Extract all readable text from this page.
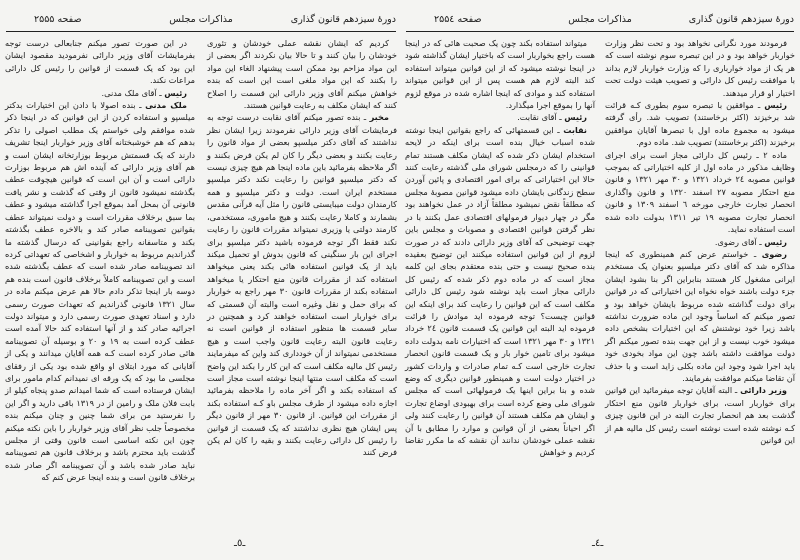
دورهٔ سیزدهم قانون گذاری
مذاکرات مجلس
صفحه ۲۵۵٤

فرمودند مورد نگرانی نخواهد بود و تحت نظر وزارت خواربار خواهد بود و در این تبصره سوم نوشته است که هر یک از مواد خواربارى را كه وزارت خواربار لازم بداند با موافقت رئیس کل دارائی و تصویب هیئت دولت تحت اختیار او قرار میدهند.

رئیس ـ موافقین با تبصره سوم بطوری کـه قرائت شد برخیزند (اکثر برخاستند) تصویب شد. رأی گرفته میشود به مجموع ماده اول با تبصرها آقایان موافقین برخیزند (اکثر برخاستند) تصویب شد. ماده دوم.

ماده ۲ ـ رئیس کل دارائی مجاز است برای اجرای وظایف مذکور در ماده اول از کلیه اختیاراتی که بموجب قوانین مصوبه ۲٤ خرداد ۱۳۲۱ و ۳۰ مهر ۱۳۲۱ و قانون منع احتکار مصوبه ۲۷ اسفند ۱۳۲۰ و قانون واگذاری انحصار تجارت خارجی مورخه ٦ اسفند ۱۳۰۹ و قانون انحصار تجارت مصوبه ۱۹ تیر ۱۳۱۱ بدولت داده شده است استفاده نماید.

رئیس ـ آقای رضوی.

رضوی ـ خواستم عرض کنم همینطوری که اینجا مذاکره شد که آقای دکتر میلسپو بعنوان یک مستخدم ایرانی مشغول کار هستند بنابراین اگر بنا بشود ایشان جزء دولت باشند خواه نخواه این اختیاراتی که در قوانین برای دولت گذاشته شده مربوط بایشان خواهد بود و تصور میکنم که اساساً وجود این ماده ضرورت نداشته باشد زیرا خود نوشتنش که این اختیارات بشخص داده میشود خوب نیست و از این جهت بنده تصور میکنم اگر دولت موافقت داشته باشد چون این مواد بخودی خود باید اجرا شود وجود این ماده بکلی زاید است و با حذف آن تقاضا میکنم موافقت بفرمایند.

وزیر دارائی ـ البته آقایان توجه میفرمائید این قوانین برای خواربار است، برای خواربار قانون منع احتکار گذشت بعد هم انحصار تجارت البته در این قانون چیزی کـه نوشته شده است نوشته است رئیس کل مالیه هم از این قوانین

میتواند استفاده بکند چون یک صحبت هائی که در اینجا هست راجع بخواربار است که باختیار ایشان گذاشته شود در اینجا نوشته میشود که از این قوانین میتواند استفاده کند البته لازم هم هست پس از این قوانین میتواند استفاده کند و موادی که اینجا اشاره شده در موقع لزوم آنها را بموقع اجرا میگذارد.

رئیس ـ آقای نقابت.

نقابت ـ این قسمتهائی که راجع بقوانین اینجا نوشته شده اسباب خیال بنده است برای اینکه در لایحه استخدام ایشان ذکر شده که ایشان مکلف هستند تمام قوانینی را که درمجلس شورای ملی گذشته رعایت کنند حالا این اختیاراتی که برای امور اقتصادی و پائین آوردن سطح زندگانی بایشان داده میشود قوانین مصوبهٔ مجلس که مطلقاً نقض نمیشود مطلقاً آزاد در عمل نخواهند بود مگر در چهار دیوار فرمولهای اقتصادی عمل بکنند با در نظر گرفتن قوانین اقتصادی و مصوبات و مجلس باین جهت توضیحی که آقای وزیر دارائی دادند که در صورت لزوم از این قوانین استفاده میکنند این توضیح بعقیده بنده صحیح نیست و حتی بنده معتقدم بجای این کلمه مجاز است که در ماده دوم ذکر شده که رئیس کل دارائی مجاز است باید نوشته شود رئیس کل دارائی مکلف است که این قوانین را رعایت کند برای اینکه این قوانین چیست؟ توجه فرموده اید موادش را قرائت فرموده اید البته این قوانین یک قسمت قانون ۲٤ خرداد ۱۳۲۱ و ۳۰ مهر ۱۳۲۱ است که اختیارات نامه بدولت داده میشود برای تامین خوار بار و یک قسمت قانون انحصار تجارت خارجی است کـه تمام صادرات و واردات کشور در اختیار دولت است و همینطور قوانین دیگری که وضع شده و بنا براین اینها یک فرمولهائی است که مجلس شورای ملی وضع کرده است برای بهبودی اوضاع تجارت و ایشان هم مکلف هستند آن قوانین را رعایت کنند ولی اگر احیاناً بعضی از آن قوانین و موارد را مطابق با آن نقشه عملی خودشان ندانند آن نقشه که ما مکرر تقاضا کردیم و خواهش

ـ٤ـ
دورهٔ سیزدهم قانون گذاری
مذاکرات مجلس
صفحه ۲۵۵۵

کردیم که ایشان نقشه عملی خودشان و تئوری خودشان را بیان کنند و تا حالا بیان نکردند اگر بعضی از این مواد مزاحم بود ممکن است پیشنهاد الغاء این مواد را بکنند که این مواد ملغی است این است که بنده خواهش میکنم آقای وزیر دارائی این قسمت را اصلاح کنند که ایشان مکلف به رعایت قوانین هستند.

مخبر ـ بنده تصور میکنم آقای نقابت درست توجه به فرمایشات آقای وزیر دارائی نفرمودند زیرا ایشان نظر نداشتند که آقای دکتر میلسپو بعضی از مواد قانون را رعایت بکنند و بعضی دیگر را کان لم یکن فرض بکنند و اگر ملاحظه بفرمائید باین ماده اینجا هم هیچ چیزی نیست که دکتر میلسپو قوانین را رعایت نکند دکتر میلسپو مستخدم ایران است. دولت و دکتر میلسپو و همه کارمندان دولت میبایستی قانون را مثل آیه قرآنی مقدس بشمارند و کاملا رعایت بکنند و هیچ ماموری، مستخدمی، کارمند دولتی یا وزیری نمیتواند مقررات قانون را رعایت نکند فقط اگر توجه فرموده باشید دکتر میلسپو برای اجرای این بار سنگینی که قانون بدوش او تحمیل میکند باید از یک قوانین استفاده هائی بکند یعنی میخواهد استفاده کند از مقررات قانون منع احتکار یا میخواهد استفاده بکند از مقررات قانون ۳۰ مهر راجع به خواربار که برای حمل و نقل وغیره است والبته آن قسمتی که برای خواربار است استفاده خواهند کرد و همچنین در سایر قسمت ها منظور استفاده از قوانین است نه رعایت قانون البته رعایت قانون واجب است و هیچ مستخدمی نمیتواند از آن خودداری کند واین که میفرمایند رئیس کل مالیه مکلف است که این کار را بکند این واضح است که مکلف است منتها اینجا نوشته است مجاز است که استفاده بکند و اگر آخر ماده را ملاحظه بفرمائید اجازه داده میشود از طرف مجلس باو کـه استفاده بکند از مقررات این قوانین. از قانون ۳۰ مهر از قانون دیگر پس ایشان هیچ نظری نداشتند که یک قسمت از قوانین را رئیس کل دارائی رعایت بکنند و بقیه را کان لم یکن فرض کنند

در این صورت تصور میکنم جنابعالی درست توجه بفرمایشات آقای وزیر دارائی نفرمودید مقصود ایشان این بود که یک قسمت از قوانین را رئیس کل دارائی مراعات نکند.

رئیس ـ آقای ملک مدنی.

ملک مدنی ـ بنده اصولا با دادن این اختیارات بدکتر میلسپو و استفاده کردن از این قوانین که در اینجا ذکر شده موافقم ولی خواستم یک مطلب اصولی را تذکر بدهم که هم خوشبختانه آقای وزیر خواربار اینجا تشریف دارند که یک قسمتش مربوط بوزارتخانه ایشان است و هم آقای وزیر دارائی که آینده اش هم مربوط بوزارت دارائی است و آن این است که قوانین هیچوقت عطف بگذشته نمیشود قانون از وقتی که گذشت و نشر یافت قانونی آن بمحل آمد بموقع اجرا گذاشته میشود و عطف بما سبق برخلاف مقررات است و دولت نمیتواند عطف بقوانین تصویبنامه صادر کند و بالاخره عطف بگذشته بکند و متاسفانه راجع بقوانینی که درسال گذشته ما گذراندیم مربوط به خواربار و اشخاصی که تعهداتی کرده اند تصویبنامه صادر شده است که عطف بگذشته شده است و این تصویبنامه کاملاً برخلاف قانون است بنده هم دوسه بار اینجا تذکر دادم حالا هم عرض میکنم ماده در سال ۱۳۲۱ قانونی گذراندیم که تعهدات صورت رسمی دارد و اسناد تعهدی صورت رسمی دارد و میتواند دولت اجرائیه صادر کند و از آنها استفاده کند حالا آمده است عطف کرده است به ۱۹ و ۲۰ و بوسیله آن تصویبنامه هائی صادر کرده است کـه همه آقایان میدانند و یکی از آقایانی که مورد ابتلای او واقع شده بود یکی از رفقای مجلسی ما بود که یک ورقه ای نمیدانم کدام مامور برای ایشان فرستاده است که شما امیدانم صدو پنجاه کیلو از بابت فلان ملک و رامین از در ۱۳۱۹ باقی دارید و اگر این را نفرستید من برای شما چنین و چنان میکنم بنده مخصوصاً جلب نظر آقای وزیر خواربار را باین نکته میکنم چون این نکته اساسی است قانون وقتی از مجلس گذشت باید محترم باشد و برخلاف قانون هم تصویبنامه نباید صادر شده باشد و آن تصویبنامه اگر صادر شده برخلاف قانون است و بنده اینجا عرض کنم که

ـ٥ـ
